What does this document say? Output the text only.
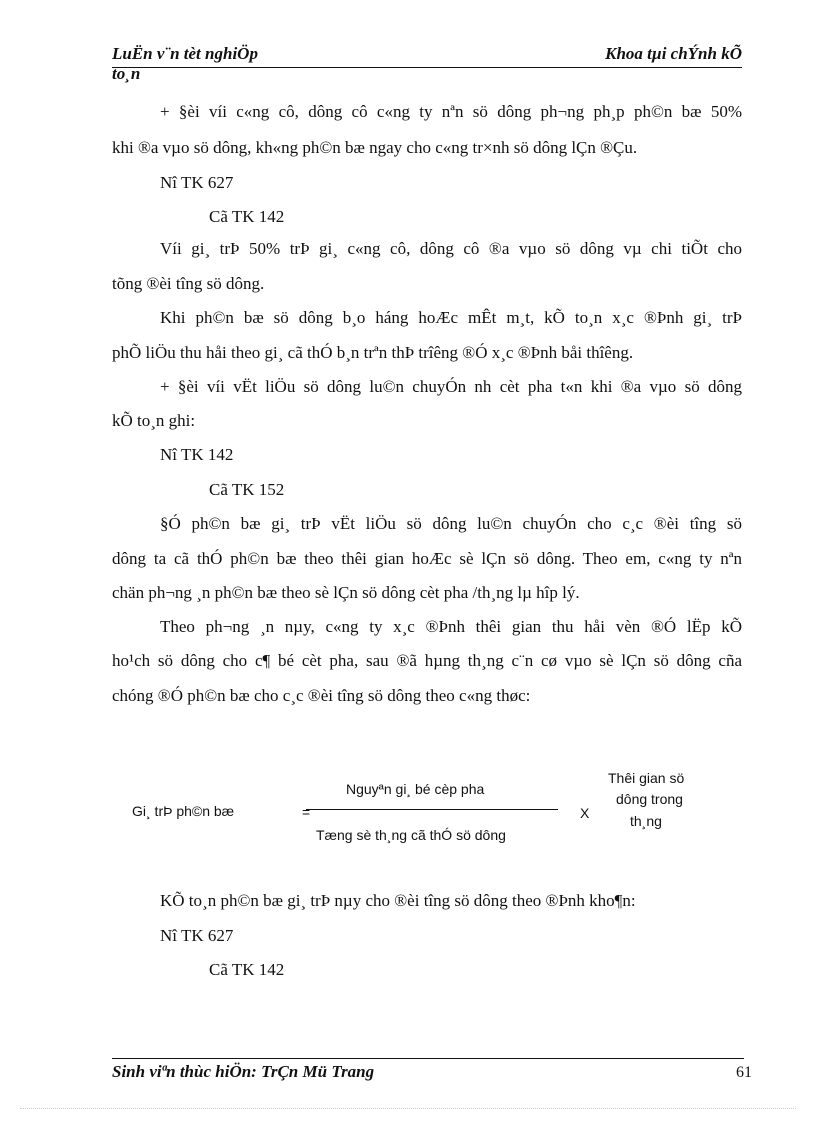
LuËn v¨n tèt nghiÖp	Khoa tµi chÝnh kÕ
to¸n
+ §èi víi c«ng cô, dông cô c«ng ty nªn sö dông ph¬ng ph¸p ph©n bæ 50%
khi ®a vµo sö dông, kh«ng ph©n bæ ngay cho c«ng tr×nh sö dông lÇn ®Çu.
Nî TK 627
Cã TK 142
Víi gi¸ trÞ 50% trÞ gi¸ c«ng cô, dông cô ®a vµo sö dông vµ chi tiÕt cho
tõng ®èi tîng sö dông.
Khi ph©n bæ sö dông b¸o háng hoÆc mÊt m¸t, kÕ to¸n x¸c ®Þnh gi¸ trÞ
phÕ liÖu thu håi theo gi¸ cã thÓ b¸n trªn thÞ trîêng ®Ó x¸c ®Þnh båi thîêng.
+ §èi víi vËt liÖu sö dông lu©n chuyÓn nh cèt pha t«n khi ®a vµo sö dông
kÕ to¸n ghi:
Nî TK 142
Cã TK 152
§Ó ph©n bæ gi¸ trÞ vËt liÖu sö dông lu©n chuyÓn cho c¸c ®èi tîng sö
dông ta cã thÓ ph©n bæ theo thêi gian hoÆc sè lÇn sö dông. Theo em, c«ng ty nªn
chän ph¬ng ¸n ph©n bæ theo sè lÇn sö dông cèt pha /th¸ng lµ hîp lý.
Theo ph¬ng ¸n nµy, c«ng ty x¸c ®Þnh thêi gian thu håi vèn ®Ó lËp kÕ
ho¹ch sö dông cho c¶ bé cèt pha, sau ®ã hµng th¸ng c¨n cø vµo sè lÇn sö dông cña
chóng ®Ó ph©n bæ cho c¸c ®èi tîng sö dông theo c«ng thøc:
Gi¸ trÞ ph©n bæ	=
Nguyªn gi¸ bé cèp pha
Tæng sè th¸ng cã thÓ sö dông
X
Thêi gian sö
dông trong
th¸ng
KÕ to¸n ph©n bæ gi¸ trÞ nµy cho ®èi tîng sö dông theo ®Þnh kho¶n:
Nî TK 627
Cã TK 142
Sinh viªn thùc hiÖn: TrÇn Mü Trang	61
